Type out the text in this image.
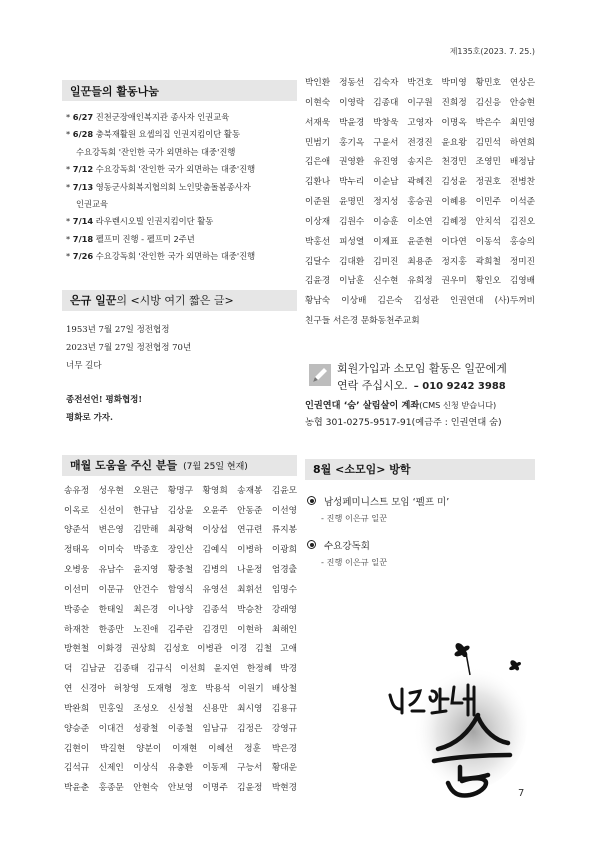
제135호(2023. 7. 25.)
일꾼들의 활동나눔
* 6/27 진천군장애인복지관 종사자 인권교육
* 6/28 충북재활원 요셉의집 인권지킴이단 활동
수요강독회 '잔인한 국가 외면하는 대중'진행
* 7/12 수요강독회 '잔인한 국가 외면하는 대중'진행
* 7/13 영동군사회복지협의회 노인맞춤돌봄종사자
인권교육
* 7/14 라우렌시오빌 인권지킴이단 활동
* 7/18 펠프미 진행 - 펠프미 2주년
* 7/26 수요강독회 '잔인한 국가 외면하는 대중'진행
은규 일꾼 의 <시방 여기 짧은 글>
1953년 7월 27일 정전협정
2023년 7월 27일 정전협정 70년
너무 길다
종전선언! 평화협정!
평화로 가자.
매월 도움을 주신 분들 (7월 25일 현재)
송유정 성우현 오원근 황명구 황영희 송재봉 김윤모
이옥로 신선이 한규남 김상윤 오윤주 안동준 이선영
양준석 변은영 김만해 최광혁 이상섭 연규련 류지봉
정태옥 이미숙 박종호 장인산 김예식 이병하 이광희
오병웅 유남수 윤지영 황중철 김병의 나윤정 엄경출
이선미 이문규 안건수 함영식 유영선 최휘선 임명수
박종순 한태일 최은경 이나양 김종석 박승찬 강래영
하재찬 한종만 노진애 김주란 김경민 이현하 최해인
방현철 이화경 권상희 김성호 이병관 이경 김철 고애
덕 김남균 김종태 김규식 이선희 윤지연 한정혜 박경
연 신경아 허창영 도재형 정호 박용석 이원기 배상철
박완희 민홍일 조성오 신성철 신용만 최시영 김용규
양승준 이대건 성광철 이종철 임남규 김정은 강영규
김현이 박길현 양분이 이재현 이혜선 정훈 박은경
김석규 신제인 이상식 유충환 이동제 구능서 황대운
박윤춘 홍종문 안현숙 안보영 이명주 김윤정 박현경
박인환 정동선 김숙자 박건호 박미영 황민호 연상은
이현숙 이영락 김종대 이구원 진희정 김신응 안승현
서재욱 박윤경 박창욱 고영자 이명옥 박은수 최민영
민범기 홍기옥 구윤서 전경진 윤요왕 김민석 하연희
김은애 권영환 유진영 송지은 천경민 조영민 배정남
김환나 박누리 이순남 곽혜진 김성윤 정권호 전병찬
이준원 윤명민 정지성 홍승권 이혜용 이민주 이석준
이상재 김원수 이승훈 이소연 김혜정 안치석 김진오
박홍선 피성열 이제표 윤준현 이다연 이동석 홍승의
김달수 김대환 김미진 최용준 정지홍 곽희철 정미진
김윤경 이남훈 신수현 유희정 권우미 황인오 김영배
황남숙 이상배 김은숙 김성관 인권연대 (사)두꺼비
친구들 서은경 문화동천주교회
회원가입과 소모임 활동은 일꾼에게
연락 주십시오. – 010 9242 3988
인권연대 ‘숨’ 살림살이 계좌(CMS 신청 받습니다)
농협 301-0275-9517-91(예금주 : 인권연대 숨)
8월 <소모임> 방학
남성페미니스트 모임 ‘펠프 미’
- 진행 이은규 일꾼
수요강독회
- 진행 이은규 일꾼
7
